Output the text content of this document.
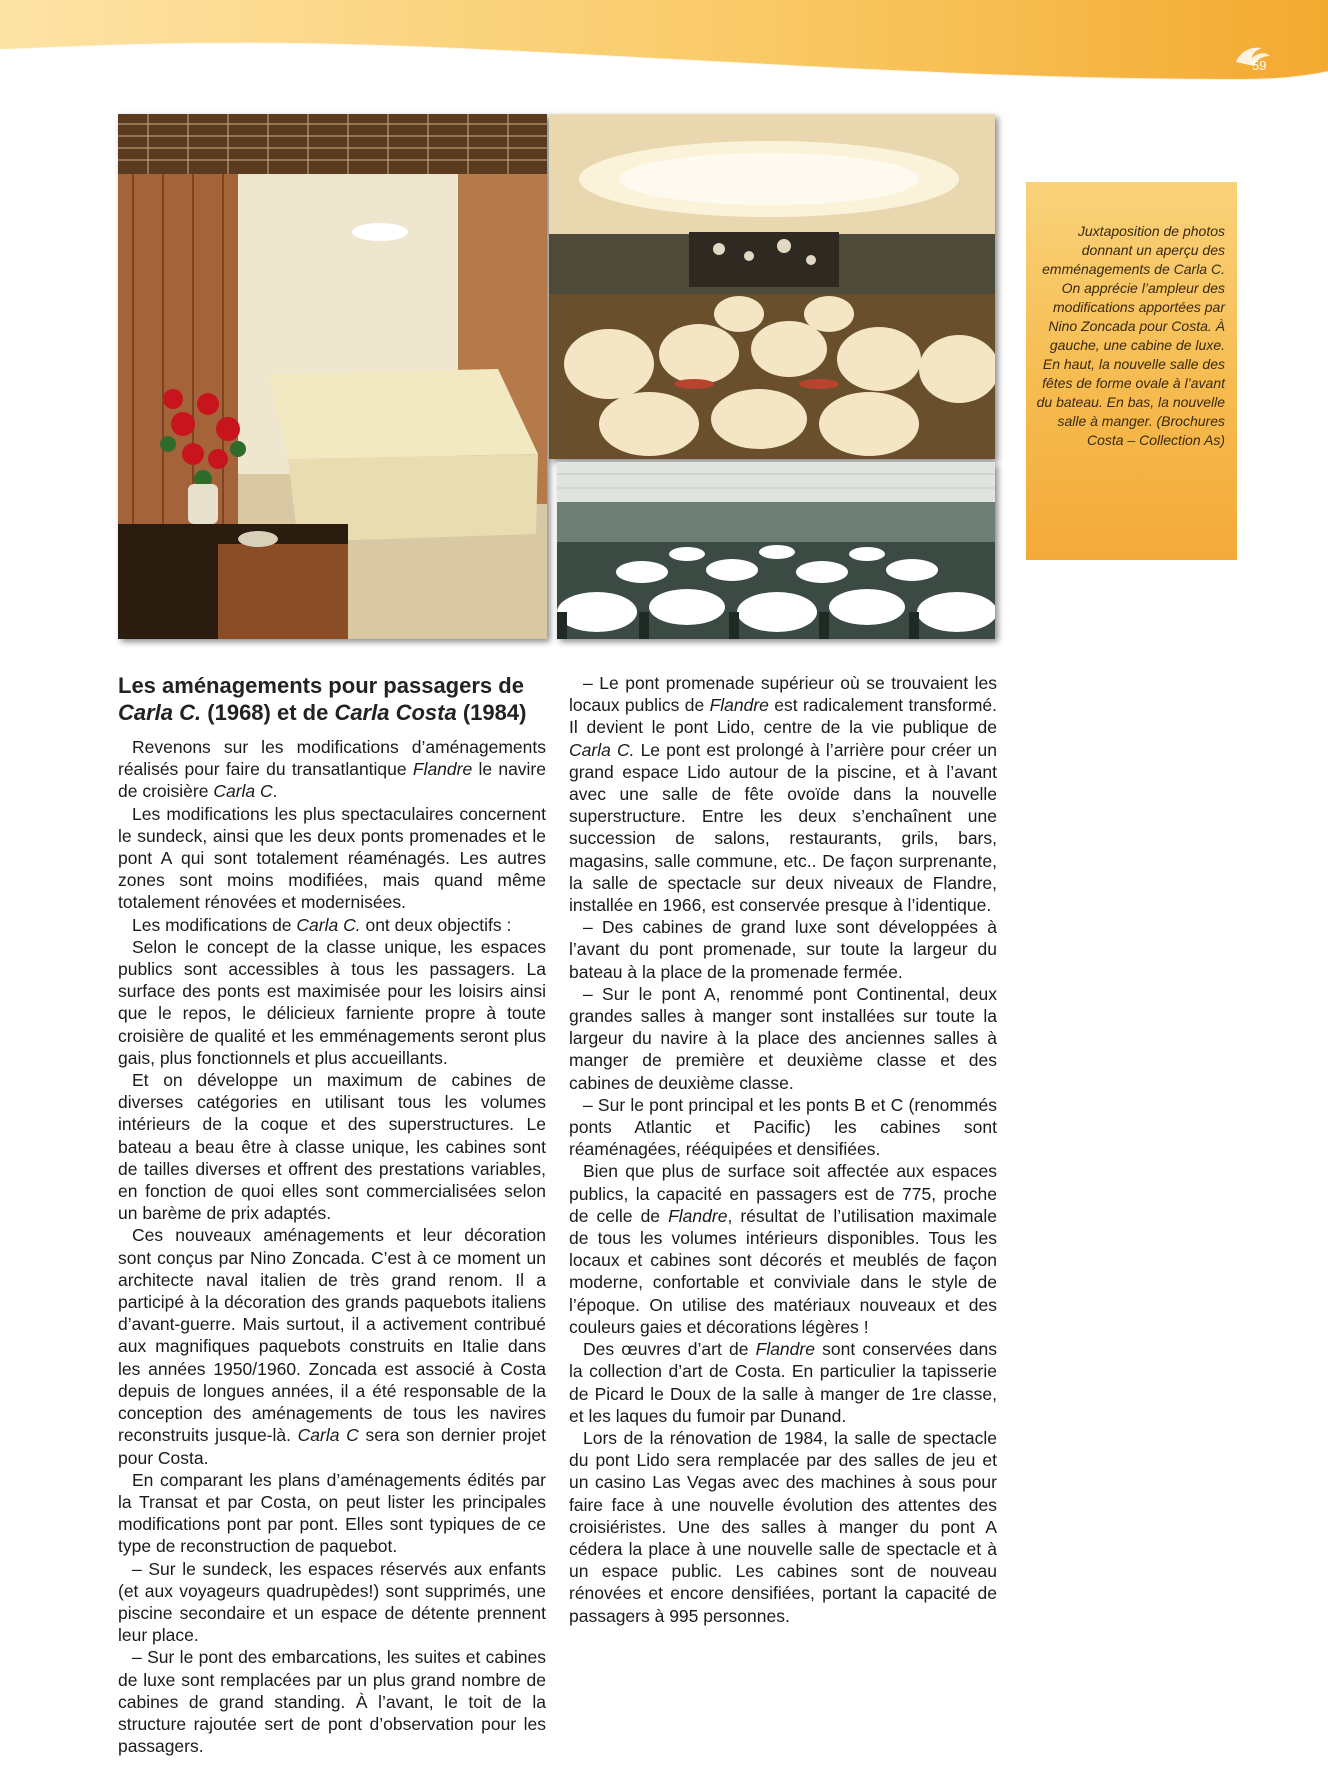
59

Juxtaposition de photos donnant un aperçu des emménagements de Carla C. On apprécie l’ampleur des modifications apportées par Nino Zoncada pour Costa. À gauche, une cabine de luxe. En haut, la nouvelle salle des fêtes de forme ovale à l’avant du bateau. En bas, la nouvelle salle à manger. (Brochures Costa – Collection As)

Les aménagements pour passagers de Carla C. (1968) et de Carla Costa (1984)

Revenons sur les modifications d’aménagements réalisés pour faire du transatlantique Flandre le navire de croisière Carla C.

Les modifications les plus spectaculaires concernent le sundeck, ainsi que les deux ponts promenades et le pont A qui sont totalement réaménagés. Les autres zones sont moins modifiées, mais quand même totalement rénovées et modernisées.

Les modifications de Carla C. ont deux objectifs :

Selon le concept de la classe unique, les espaces publics sont accessibles à tous les passagers. La surface des ponts est maximisée pour les loisirs ainsi que le repos, le délicieux farniente propre à toute croisière de qualité et les emménagements seront plus gais, plus fonctionnels et plus accueillants.

Et on développe un maximum de cabines de diverses catégories en utilisant tous les volumes intérieurs de la coque et des superstructures. Le bateau a beau être à classe unique, les cabines sont de tailles diverses et offrent des prestations variables, en fonction de quoi elles sont commercialisées selon un barème de prix adaptés.

Ces nouveaux aménagements et leur décoration sont conçus par Nino Zoncada. C’est à ce moment un architecte naval italien de très grand renom. Il a participé à la décoration des grands paquebots italiens d’avant-guerre. Mais surtout, il a activement contribué aux magnifiques paquebots construits en Italie dans les années 1950/1960. Zoncada est associé à Costa depuis de longues années, il a été responsable de la conception des aménagements de tous les navires reconstruits jusque-là. Carla C sera son dernier projet pour Costa.

En comparant les plans d’aménagements édités par la Transat et par Costa, on peut lister les principales modifications pont par pont. Elles sont typiques de ce type de reconstruction de paquebot.

– Sur le sundeck, les espaces réservés aux enfants (et aux voyageurs quadrupèdes!) sont supprimés, une piscine secondaire et un espace de détente prennent leur place.

– Sur le pont des embarcations, les suites et cabines de luxe sont remplacées par un plus grand nombre de cabines de grand standing. À l’avant, le toit de la structure rajoutée sert de pont d’observation pour les passagers.

– Le pont promenade supérieur où se trouvaient les locaux publics de Flandre est radicalement transformé. Il devient le pont Lido, centre de la vie publique de Carla C. Le pont est prolongé à l’arrière pour créer un grand espace Lido autour de la piscine, et à l’avant avec une salle de fête ovoïde dans la nouvelle superstructure. Entre les deux s’enchaînent une succession de salons, restaurants, grils, bars, magasins, salle commune, etc.. De façon surprenante, la salle de spectacle sur deux niveaux de Flandre, installée en 1966, est conservée presque à l’identique.

– Des cabines de grand luxe sont développées à l’avant du pont promenade, sur toute la largeur du bateau à la place de la promenade fermée.

– Sur le pont A, renommé pont Continental, deux grandes salles à manger sont installées sur toute la largeur du navire à la place des anciennes salles à manger de première et deuxième classe et des cabines de deuxième classe.

– Sur le pont principal et les ponts B et C (renommés ponts Atlantic et Pacific) les cabines sont réaménagées, rééquipées et densifiées.

Bien que plus de surface soit affectée aux espaces publics, la capacité en passagers est de 775, proche de celle de Flandre, résultat de l’utilisation maximale de tous les volumes intérieurs disponibles. Tous les locaux et cabines sont décorés et meublés de façon moderne, confortable et conviviale dans le style de l’époque. On utilise des matériaux nouveaux et des couleurs gaies et décorations légères !

Des œuvres d’art de Flandre sont conservées dans la collection d’art de Costa. En particulier la tapisserie de Picard le Doux de la salle à manger de 1re classe, et les laques du fumoir par Dunand.

Lors de la rénovation de 1984, la salle de spectacle du pont Lido sera remplacée par des salles de jeu et un casino Las Vegas avec des machines à sous pour faire face à une nouvelle évolution des attentes des croisiéristes. Une des salles à manger du pont A cédera la place à une nouvelle salle de spectacle et à un espace public. Les cabines sont de nouveau rénovées et encore densifiées, portant la capacité de passagers à 995 personnes.
